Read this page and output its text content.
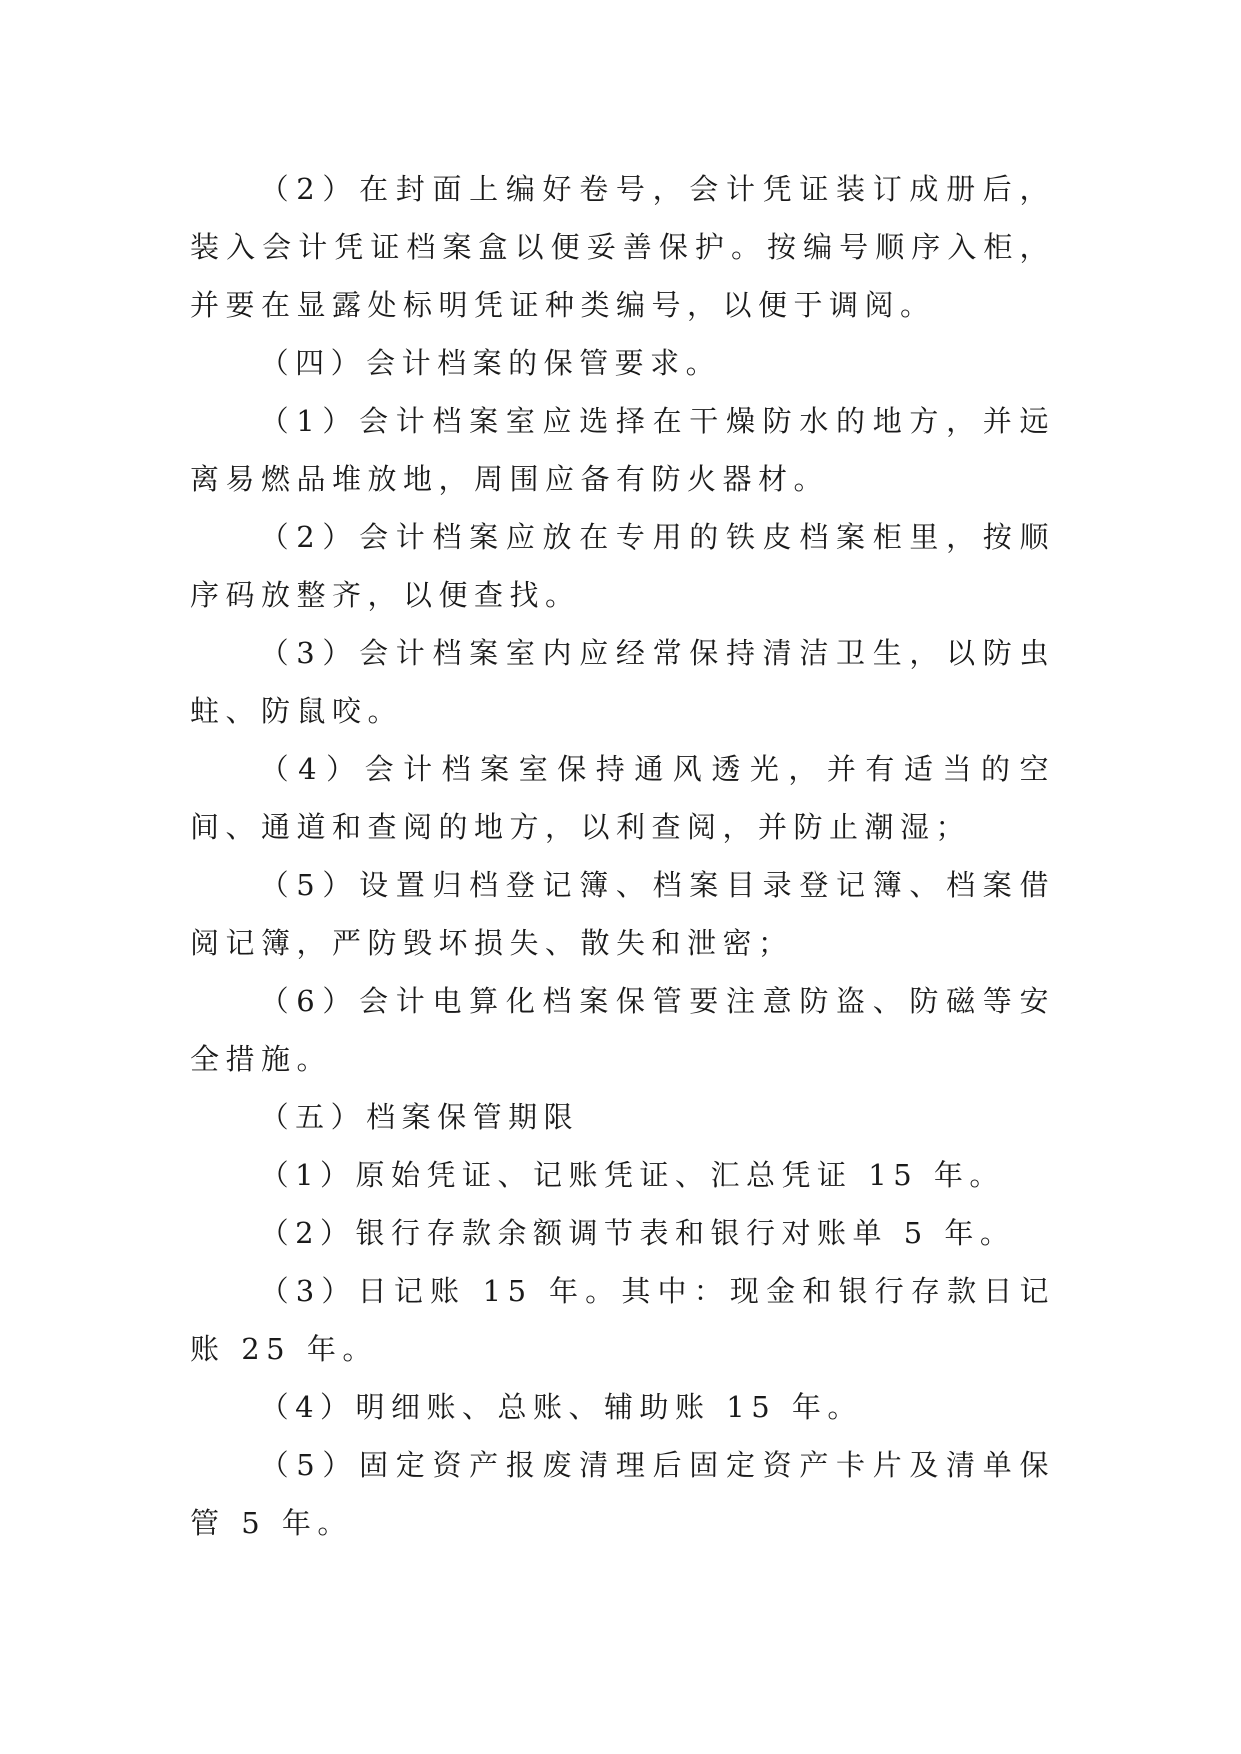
（2）在封面上编好卷号，会计凭证装订成册后，装入会计凭证档案盒以便妥善保护。按编号顺序入柜，并要在显露处标明凭证种类编号，以便于调阅。

（四）会计档案的保管要求。

（1）会计档案室应选择在干燥防水的地方，并远离易燃品堆放地，周围应备有防火器材。

（2）会计档案应放在专用的铁皮档案柜里，按顺序码放整齐，以便查找。

（3）会计档案室内应经常保持清洁卫生，以防虫蛀、防鼠咬。

（4）会计档案室保持通风透光，并有适当的空间、通道和查阅的地方，以利查阅，并防止潮湿；

（5）设置归档登记簿、档案目录登记簿、档案借阅记簿，严防毁坏损失、散失和泄密；

（6）会计电算化档案保管要注意防盗、防磁等安全措施。

（五）档案保管期限

（1）原始凭证、记账凭证、汇总凭证 15 年。

（2）银行存款余额调节表和银行对账单 5 年。

（3）日记账 15 年。其中：现金和银行存款日记账 25 年。

（4）明细账、总账、辅助账 15 年。

（5）固定资产报废清理后固定资产卡片及清单保管 5 年。
